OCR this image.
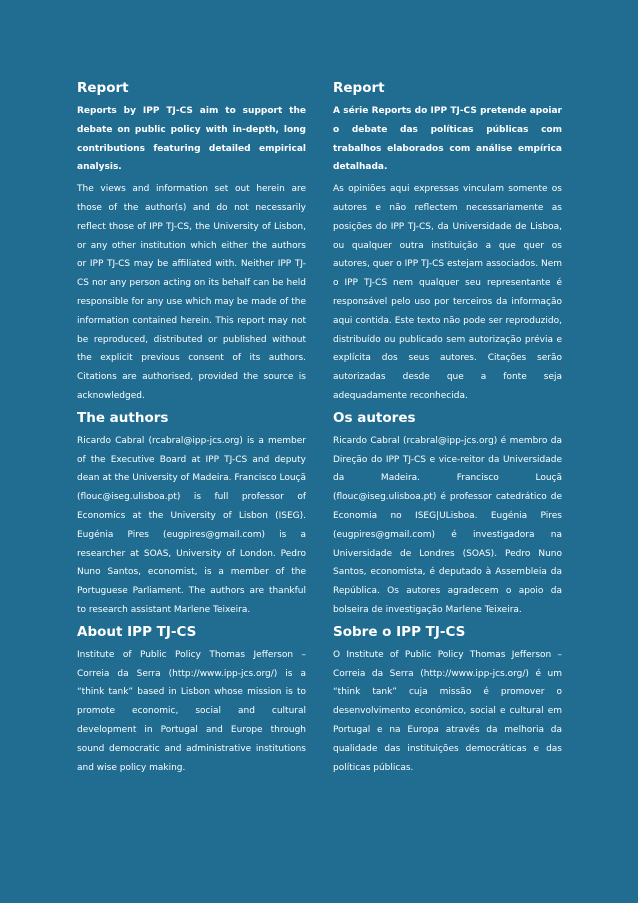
Report

Reports by IPP TJ-CS aim to support the debate on public policy with in-depth, long contributions featuring detailed empirical analysis.

The views and information set out herein are those of the author(s) and do not necessarily reflect those of IPP TJ-CS, the University of Lisbon, or any other institution which either the authors or IPP TJ-CS may be affiliated with. Neither IPP TJ-CS nor any person acting on its behalf can be held responsible for any use which may be made of the information contained herein. This report may not be reproduced, distributed or published without the explicit previous consent of its authors. Citations are authorised, provided the source is acknowledged.

The authors

Ricardo Cabral (rcabral@ipp-jcs.org) is a member of the Executive Board at IPP TJ-CS and deputy dean at the University of Madeira. Francisco Louçã (flouc@iseg.ulisboa.pt) is full professor of Economics at the University of Lisbon (ISEG). Eugénia Pires (eugpires@gmail.com) is a researcher at SOAS, University of London. Pedro Nuno Santos, economist, is a member of the Portuguese Parliament. The authors are thankful to research assistant Marlene Teixeira.

About IPP TJ-CS

Institute of Public Policy Thomas Jefferson – Correia da Serra (http://www.ipp-jcs.org/) is a “think tank” based in Lisbon whose mission is to promote economic, social and cultural development in Portugal and Europe through sound democratic and administrative institutions and wise policy making.

Report

A série Reports do IPP TJ-CS pretende apoiar o debate das políticas públicas com trabalhos elaborados com análise empírica detalhada.

As opiniões aqui expressas vinculam somente os autores e não reflectem necessariamente as posições do IPP TJ-CS, da Universidade de Lisboa, ou qualquer outra instituição a que quer os autores, quer o IPP TJ-CS estejam associados. Nem o IPP TJ-CS nem qualquer seu representante é responsável pelo uso por terceiros da informação aqui contida. Este texto não pode ser reproduzido, distribuído ou publicado sem autorização prévia e explícita dos seus autores. Citações serão autorizadas desde que a fonte seja adequadamente reconhecida.

Os autores

Ricardo Cabral (rcabral@ipp-jcs.org) é membro da Direção do IPP TJ-CS e vice-reitor da Universidade da Madeira. Francisco Louçã (flouc@iseg.ulisboa.pt) é professor catedrático de Economia no ISEG|ULisboa. Eugénia Pires (eugpires@gmail.com) é investigadora na Universidade de Londres (SOAS). Pedro Nuno Santos, economista, é deputado à Assembleia da República. Os autores agradecem o apoio da bolseira de investigação Marlene Teixeira.

Sobre o IPP TJ-CS

O Institute of Public Policy Thomas Jefferson – Correia da Serra (http://www.ipp-jcs.org/) é um “think tank” cuja missão é promover o desenvolvimento económico, social e cultural em Portugal e na Europa através da melhoria da qualidade das instituições democráticas e das políticas públicas.
